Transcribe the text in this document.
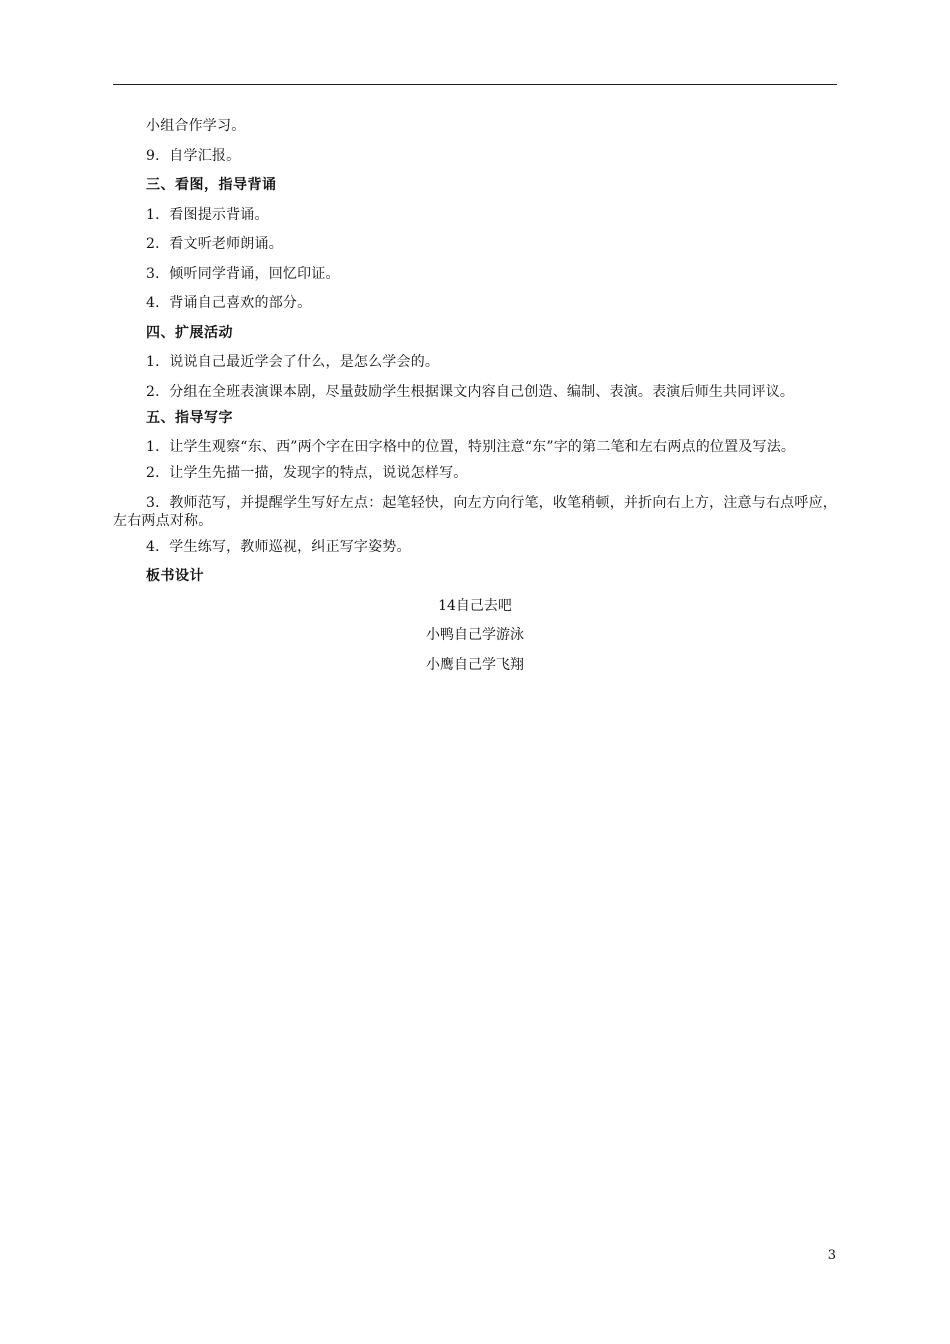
小组合作学习。

9．自学汇报。

三、看图，指导背诵

1．看图提示背诵。

2．看文听老师朗诵。

3．倾听同学背诵，回忆印证。

4．背诵自己喜欢的部分。

四、扩展活动

1．说说自己最近学会了什么，是怎么学会的。

2．分组在全班表演课本剧，尽量鼓励学生根据课文内容自己创造、编制、表演。表演后师生共同评议。

五、指导写字

1．让学生观察“东、西”两个字在田字格中的位置，特别注意“东”字的第二笔和左右两点的位置及写法。

2．让学生先描一描，发现字的特点，说说怎样写。

3．教师范写，并提醒学生写好左点：起笔轻快，向左方向行笔，收笔稍顿，并折向右上方，注意与右点呼应，左右两点对称。

4．学生练写，教师巡视，纠正写字姿势。

板书设计

14自己去吧

小鸭自己学游泳

小鹰自己学飞翔

3
